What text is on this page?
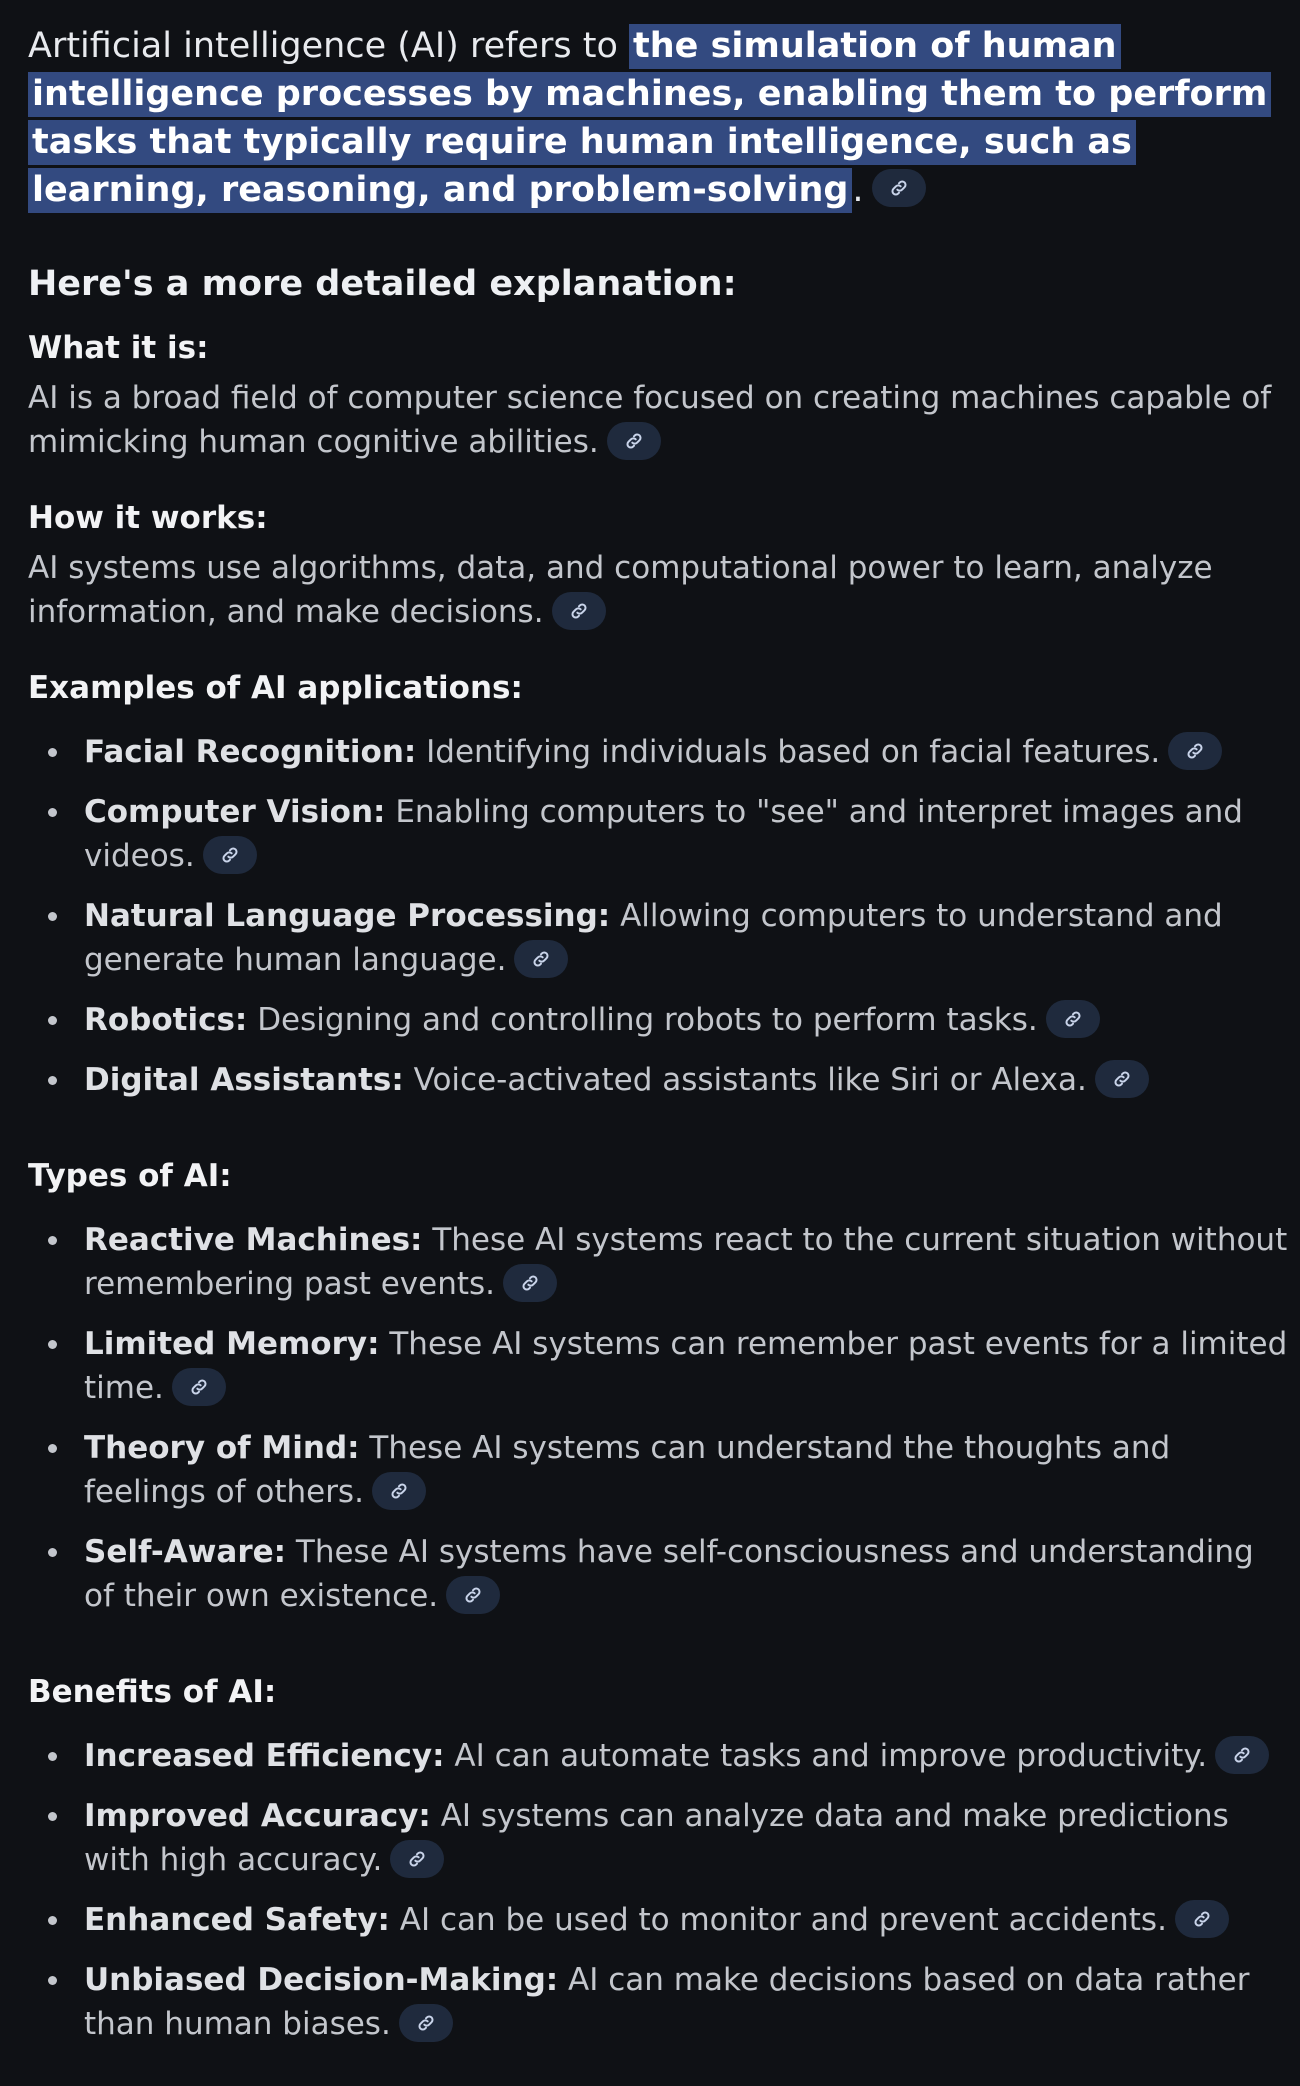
Artificial intelligence (AI) refers to the simulation of human intelligence processes by machines, enabling them to perform tasks that typically require human intelligence, such as learning, reasoning, and problem-solving .

Here's a more detailed explanation:
What it is:

AI is a broad field of computer science focused on creating machines capable of mimicking human cognitive abilities.

How it works:

AI systems use algorithms, data, and computational power to learn, analyze information, and make decisions.

Examples of AI applications:
Facial Recognition: Identifying individuals based on facial features.
Computer Vision: Enabling computers to "see" and interpret images and videos.
Natural Language Processing: Allowing computers to understand and generate human language.
Robotics: Designing and controlling robots to perform tasks.
Digital Assistants: Voice-activated assistants like Siri or Alexa.
Types of AI:
Reactive Machines: These AI systems react to the current situation without remembering past events.
Limited Memory: These AI systems can remember past events for a limited time.
Theory of Mind: These AI systems can understand the thoughts and feelings of others.
Self-Aware: These AI systems have self-consciousness and understanding of their own existence.
Benefits of AI:
Increased Efficiency: AI can automate tasks and improve productivity.
Improved Accuracy: AI systems can analyze data and make predictions with high accuracy.
Enhanced Safety: AI can be used to monitor and prevent accidents.
Unbiased Decision-Making: AI can make decisions based on data rather than human biases.
